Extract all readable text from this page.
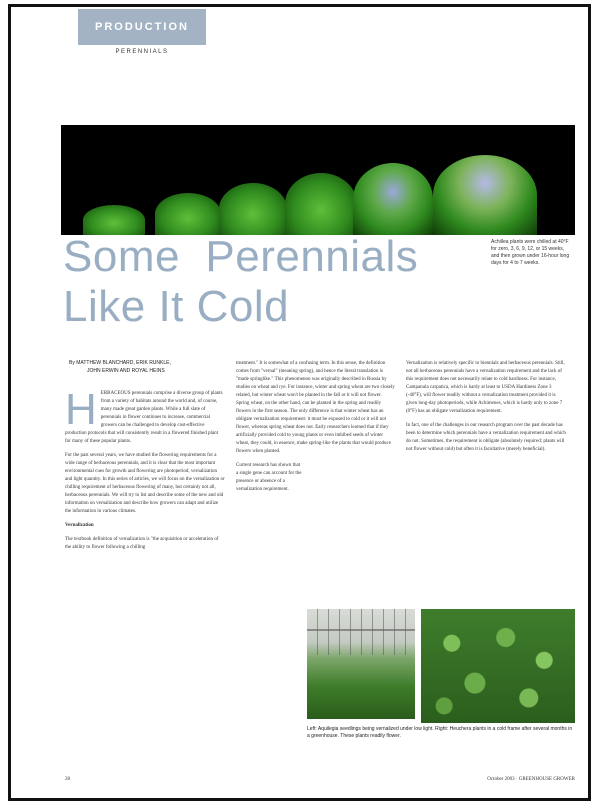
PRODUCTION
PERENNIALS
Some  Perennials
Like It Cold
Achillea plants were chilled at 40°F for zero, 3, 6, 9, 12, or 15 weeks, and then grown under 16-hour long days for 4 to 7 weeks.
By MATTHEW BLANCHARD, ERIK RUNKLE,
JOHN ERWIN AND ROYAL HEINS

HERBACEOUS perennials comprise a diverse group of plants from a variety of habitats around the world and, of course, many made great garden plants. While a full slate of perennials in flower continues to increase, commercial growers can be challenged to develop cost-effective production protocols that will consistently result in a flowered finished plant for many of these popular plants.

For the past several years, we have studied the flowering requirements for a wide range of herbaceous perennials, and it is clear that the most important environmental cues for growth and flowering are photoperiod, vernalization and light quantity. In this series of articles, we will focus on the vernalization or chilling requirement of herbaceous flowering of many, but certainly not all, herbaceous perennials. We will try to list and describe some of the new and old information on vernalization and describe how growers can adapt and utilize the information in various climates.

Vernalization

The textbook definition of vernalization is "the acquisition or acceleration of the ability to flower following a chilling

treatment." It is somewhat of a confusing term. In this sense, the definition comes from "vernal" (meaning spring), and hence the literal translation is "made springlike." This phenomenon was originally described in Russia by studies on wheat and rye. For instance, winter and spring wheat are two closely related, but winter wheat won't be planted in the fall or it will not flower. Spring wheat, on the other hand, can be planted in the spring and readily flowers in the first season. The only difference is that winter wheat has an obligate vernalization requirement: it must be exposed to cold or it will not flower, whereas spring wheat does not. Early researchers learned that if they artificially provided cold to young plants or even imbibed seeds of winter wheat, they could, in essence, make spring-like the plants that would produce flowers when planted.

Current research has shown that a single gene can account for the presence or absence of a vernalization requirement.

Vernalization is relatively specific to biennials and herbaceous perennials. Still, not all herbaceous perennials have a vernalization requirement and the lack of this requirement does not necessarily relate to cold hardiness. For instance, Campanula carpatica, which is hardy at least to USDA Hardiness Zone 3 (-40°F), will flower readily without a vernalization treatment provided it is given long-day photoperiods, while Achimenes, which is hardy only to zone 7 (0°F) has an obligate vernalization requirement.

In fact, one of the challenges in our research program over the past decade has been to determine which perennials have a vernalization requirement and which do not. Sometimes, the requirement is obligate (absolutely required; plants will not flower without cold) but often it is facultative (merely beneficial).

Left: Aquilegia seedlings being vernalized under low light. Right: Heuchera plants in a cold frame after several months in a greenhouse. These plants readily flower.
28	October 2003 · GREENHOUSE GROWER
